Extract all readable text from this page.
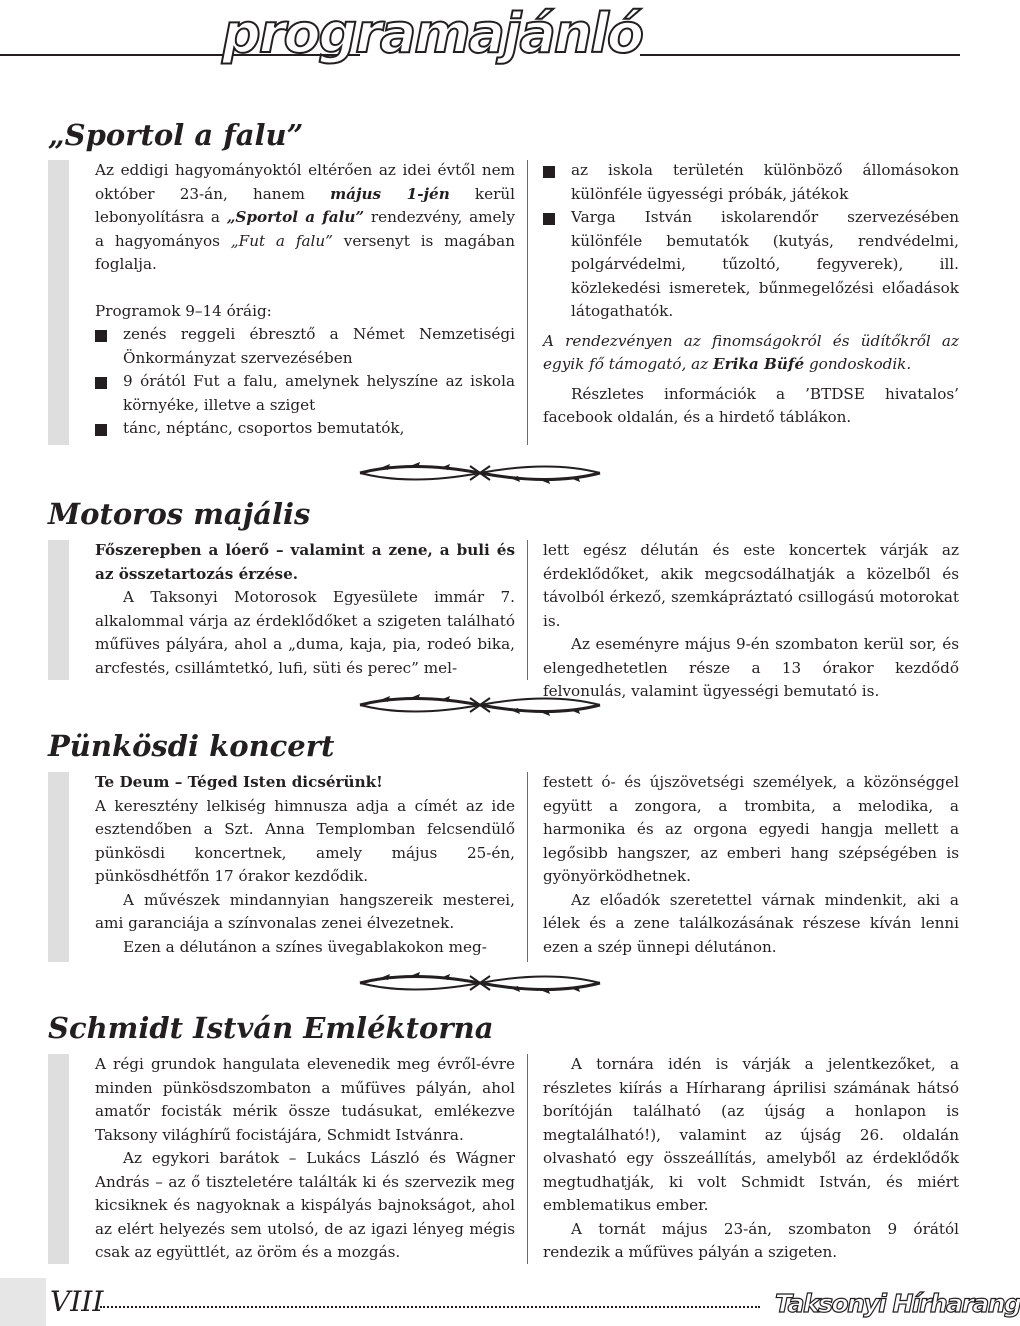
programajánló
„Sportol a falu”

Az eddigi hagyományoktól eltérően az idei évtől nem október 23-án, hanem május 1-jén kerül lebonyolításra a „Sportol a falu” rendezvény, amely a hagyományos „Fut a falu” versenyt is magában foglalja.

Programok 9–14 óráig:

zenés reggeli ébresztő a Német Nemzetiségi Önkormányzat szervezésében

9 órától Fut a falu, amelynek helyszíne az iskola környéke, illetve a sziget

tánc, néptánc, csoportos bemutatók,

az iskola területén különböző állomásokon különféle ügyességi próbák, játékok

Varga István iskolarendőr szervezésében különféle bemutatók (kutyás, rendvédelmi, polgárvédelmi, tűzoltó, fegyverek), ill. közlekedési ismeretek, bűnmegelőzési előadások látogathatók.

A rendezvényen az finomságokról és üdítőkről az egyik fő támogató, az Erika Büfé gondoskodik.

Részletes információk a ’BTDSE hivatalos’ facebook oldalán, és a hirdető táblákon.

Motoros majális

Főszerepben a lóerő – valamint a zene, a buli és az összetartozás érzése.

A Taksonyi Motorosok Egyesülete immár 7. alkalommal várja az érdeklődőket a szigeten található műfüves pályára, ahol a „duma, kaja, pia, rodeó bika, arcfestés, csillámtetkó, lufi, süti és perec” mel-

lett egész délután és este koncertek várják az érdeklődőket, akik megcsodálhatják a közelből és távolból érkező, szemkápráztató csillogású motorokat is.

Az eseményre május 9-én szombaton kerül sor, és elengedhetetlen része a 13 órakor kezdődő felvonulás, valamint ügyességi bemutató is.

Pünkösdi koncert

Te Deum – Téged Isten dicsérünk!

A keresztény lelkiség himnusza adja a címét az ide esztendőben a Szt. Anna Templomban felcsendülő pünkösdi koncertnek, amely május 25-én, pünkösdhétfőn 17 órakor kezdődik.

A művészek mindannyian hangszereik mesterei, ami garanciája a színvonalas zenei élvezetnek.

Ezen a délutánon a színes üvegablakokon meg-

festett ó- és újszövetségi személyek, a közönséggel együtt a zongora, a trombita, a melodika, a harmonika és az orgona egyedi hangja mellett a legősibb hangszer, az emberi hang szépségében is gyönyörködhetnek.

Az előadók szeretettel várnak mindenkit, aki a lélek és a zene találkozásának részese kíván lenni ezen a szép ünnepi délutánon.

Schmidt István Emléktorna

A régi grundok hangulata elevenedik meg évről-évre minden pünkösdszombaton a műfüves pályán, ahol amatőr focisták mérik össze tudásukat, emlékezve Taksony világhírű focistájára, Schmidt Istvánra.

Az egykori barátok – Lukács László és Wágner András – az ő tiszteletére találták ki és szervezik meg kicsiknek és nagyoknak a kispályás bajnokságot, ahol az elért helyezés sem utolsó, de az igazi lényeg mégis csak az együttlét, az öröm és a mozgás.

A tornára idén is várják a jelentkezőket, a részletes kiírás a Hírharang áprilisi számának hátsó borítóján található (az újság a honlapon is megtalálható!), valamint az újság 26. oldalán olvasható egy összeállítás, amelyből az érdeklődők megtudhatják, ki volt Schmidt István, és miért emblematikus ember.

A tornát május 23-án, szombaton 9 órától rendezik a műfüves pályán a szigeten.

VIII	Taksonyi Hírharang
